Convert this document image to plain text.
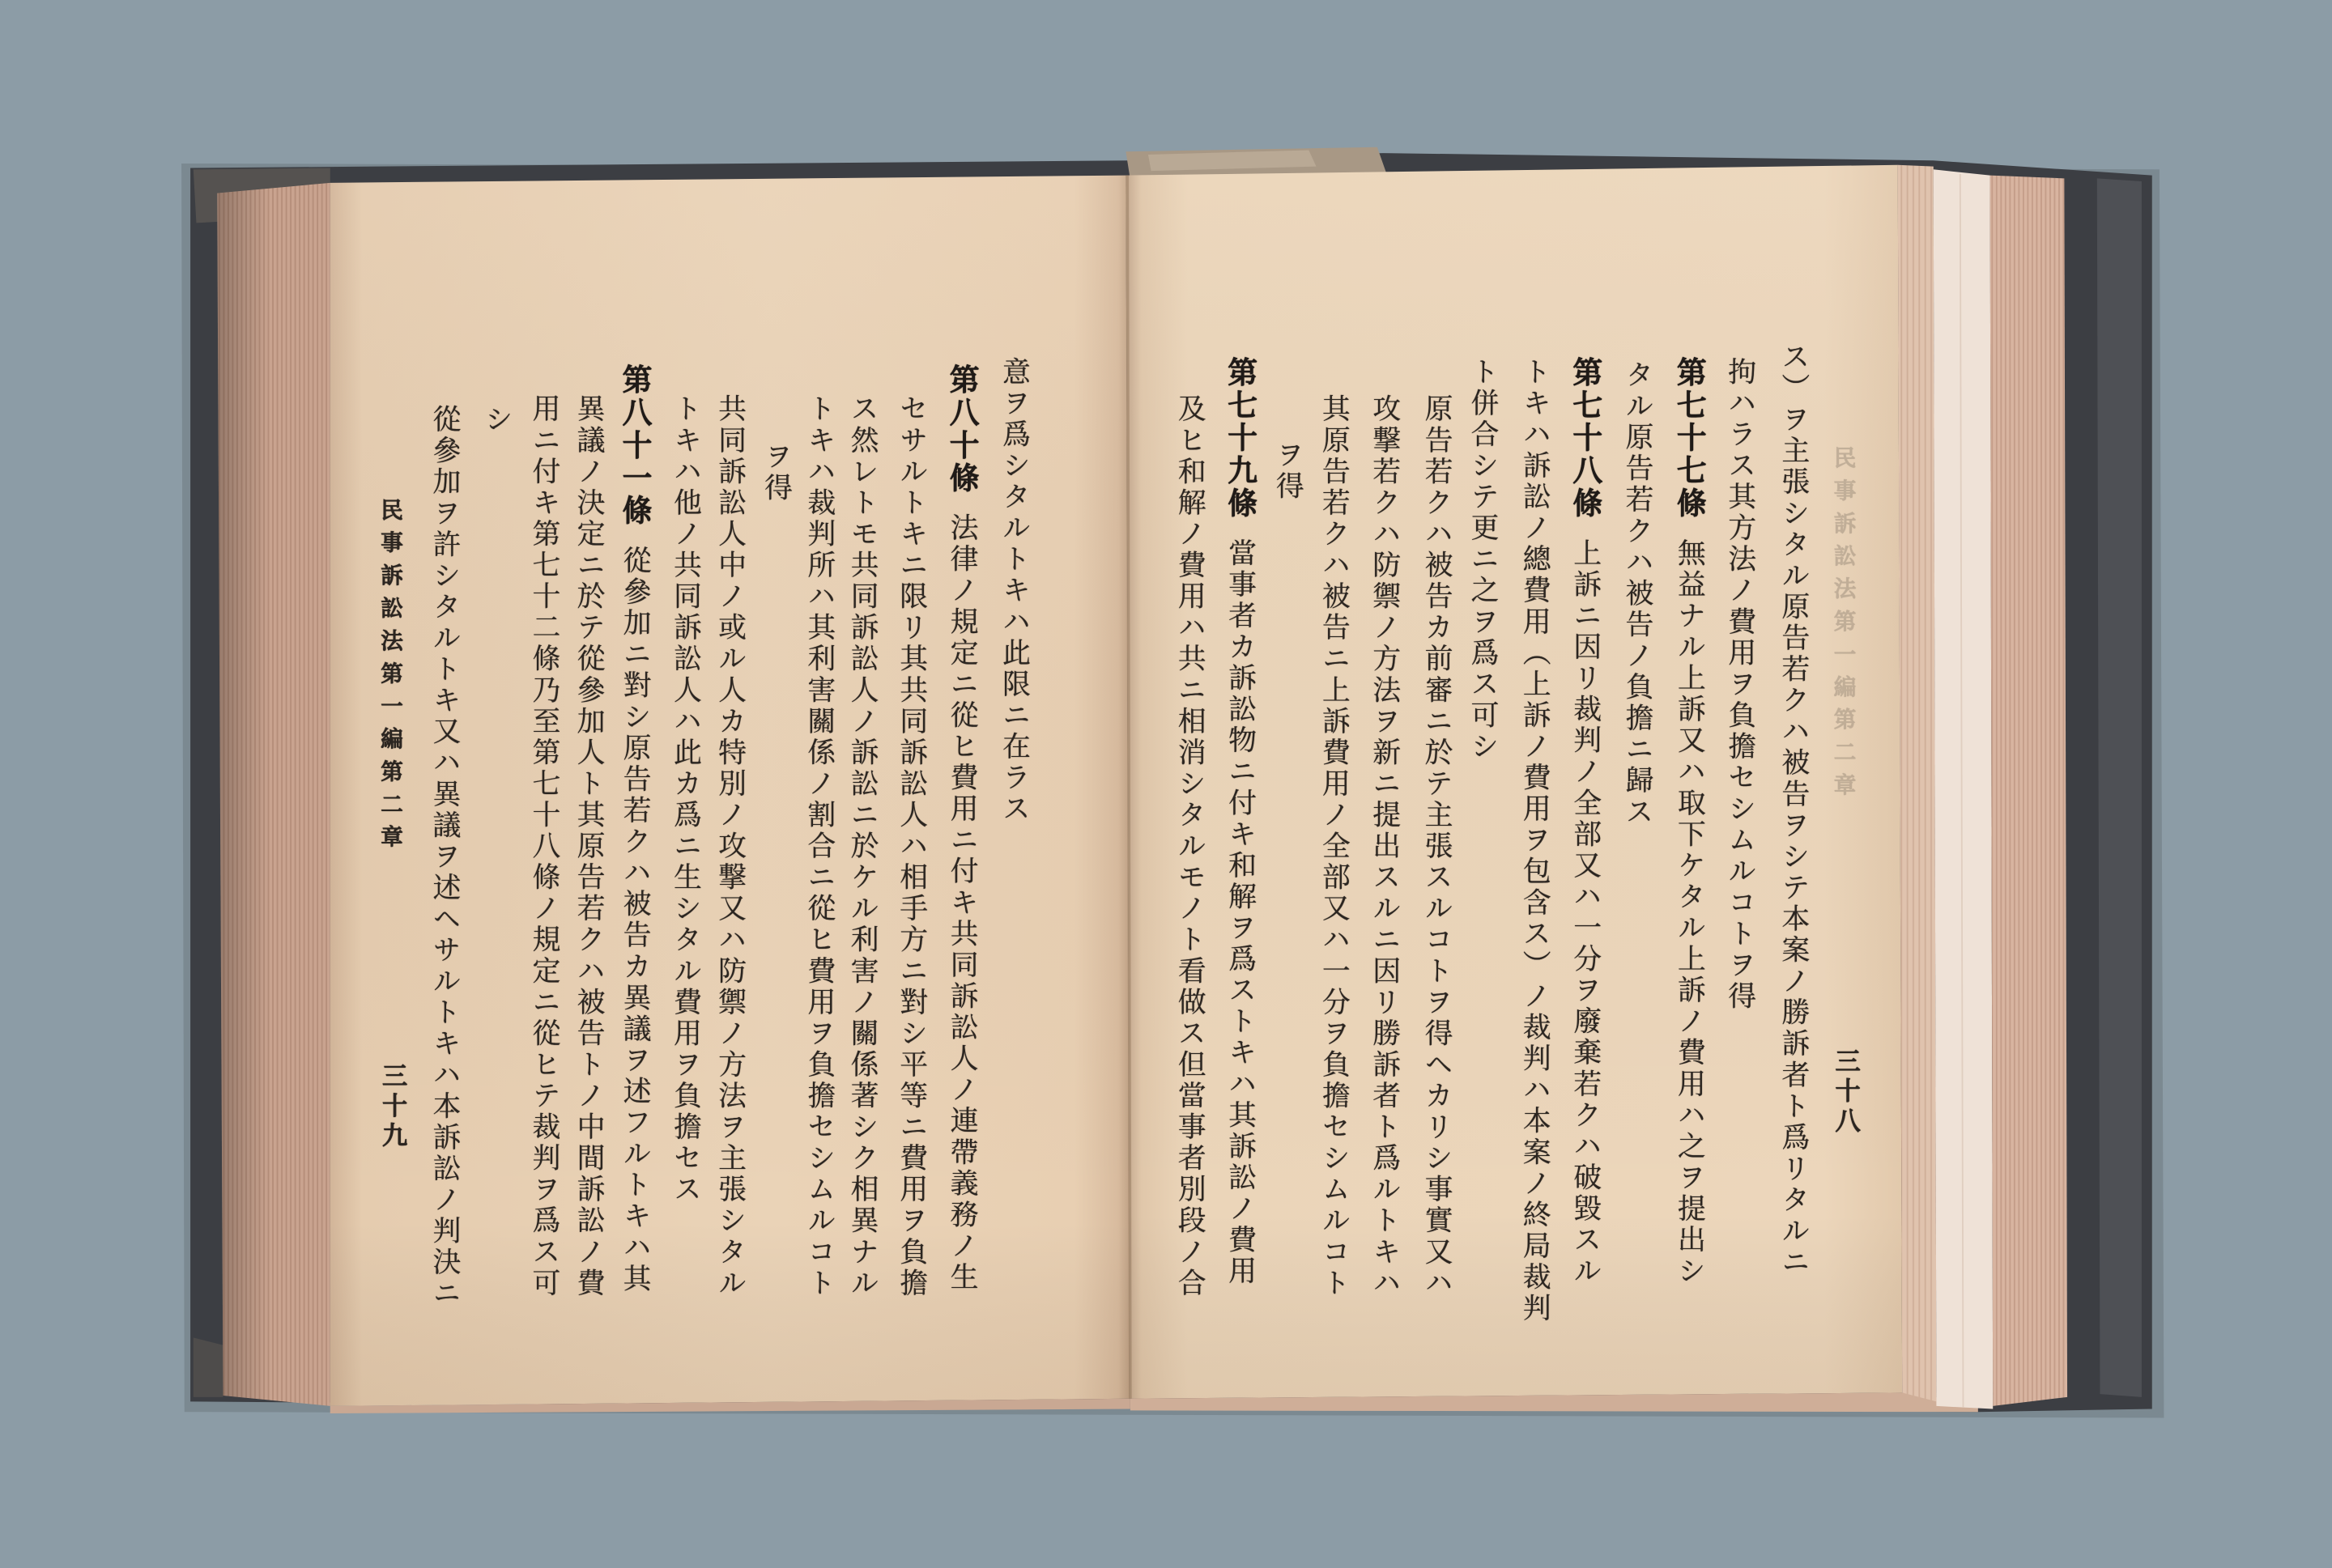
民事訴訟法第一編第二章
三十八
ス）ヲ主張シタル原告若クハ被告ヲシテ本案ノ勝訴者ト爲リタルニ
拘ハラス其方法ノ費用ヲ負擔セシムルコトヲ得
第七十七條無益ナル上訴又ハ取下ケタル上訴ノ費用ハ之ヲ提出シ
タル原告若クハ被告ノ負擔ニ歸ス
第七十八條上訴ニ因リ裁判ノ全部又ハ一分ヲ廢棄若クハ破毀スル
トキハ訴訟ノ總費用（上訴ノ費用ヲ包含ス）ノ裁判ハ本案ノ終局裁判
ト併合シテ更ニ之ヲ爲ス可シ
原告若クハ被告カ前審ニ於テ主張スルコトヲ得ヘカリシ事實又ハ
攻撃若クハ防禦ノ方法ヲ新ニ提出スルニ因リ勝訴者ト爲ルトキハ
其原告若クハ被告ニ上訴費用ノ全部又ハ一分ヲ負擔セシムルコト
ヲ得
第七十九條當事者カ訴訟物ニ付キ和解ヲ爲ストキハ其訴訟ノ費用
及ヒ和解ノ費用ハ共ニ相消シタルモノト看做ス但當事者別段ノ合
意ヲ爲シタルトキハ此限ニ在ラス
第八十條法律ノ規定ニ從ヒ費用ニ付キ共同訴訟人ノ連帶義務ノ生
セサルトキニ限リ其共同訴訟人ハ相手方ニ對シ平等ニ費用ヲ負擔
ス然レトモ共同訴訟人ノ訴訟ニ於ケル利害ノ關係著シク相異ナル
トキハ裁判所ハ其利害關係ノ割合ニ從ヒ費用ヲ負擔セシムルコト
ヲ得
共同訴訟人中ノ或ル人カ特別ノ攻撃又ハ防禦ノ方法ヲ主張シタル
トキハ他ノ共同訴訟人ハ此カ爲ニ生シタル費用ヲ負擔セス
第八十一條從參加ニ對シ原告若クハ被告カ異議ヲ述フルトキハ其
異議ノ決定ニ於テ從參加人ト其原告若クハ被告トノ中間訴訟ノ費
用ニ付キ第七十二條乃至第七十八條ノ規定ニ從ヒテ裁判ヲ爲ス可
シ
從參加ヲ許シタルトキ又ハ異議ヲ述ヘサルトキハ本訴訟ノ判決ニ
民事訴訟法第一編第二章
三十九
